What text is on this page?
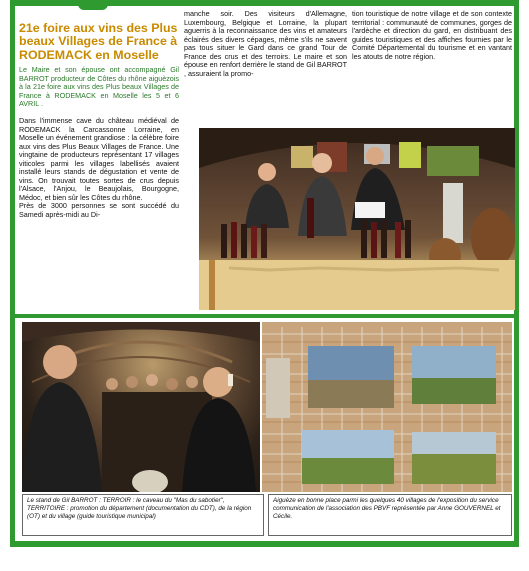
21e foire aux vins des Plus beaux Villages de France à RODEMACK en Moselle

Le Maire et son épouse ont accompagné Gil BARROT producteur de Côtes du rhône aiguèzois à la 21e foire aux vins des Plus beaux Villages de France à RODEMACK en Moselle les 5 et 6 AVRIL .

Dans l'immense cave du château médiéval de RODEMACK la Carcassonne Lorraine, en Moselle un événement grandiose : la célèbre foire aux vins des Plus Beaux Villages de France. Une vingtaine de producteurs représentant 17 villages viticoles parmi les villages labellisés avaient installé leurs stands de dégustation et vente de vins. On trouvait toutes sortes de crus depuis l'Alsace, l'Anjou, le Beaujolais, Bourgogne, Médoc, et bien sûr les Côtes du rhône.

Près de 3000 personnes se sont succédé du Samedi après-midi au Di-

manche soir. Des visiteurs d'Allemagne, Luxembourg, Belgique et Lorraine, la plupart aguerris à la reconnaissance des vins et amateurs éclairés des divers cépages, même s'ils ne savent pas tous situer le Gard dans ce grand Tour de France des crus et des terroirs. Le maire et son épouse en renfort derrière le stand de Gil BARROT , assuraient la promo-

tion touristique de notre village et de son contexte territorial : communauté de communes, gorges de l'ardèche et direction du gard, en distribuant des guides touristiques et des affiches fournies par le Comité Départemental du tourisme et en vantant les atouts de notre région.

Le stand de Gil BARROT : TERROIR : le caveau du "Mas du sabotier", TERRITOIRE : promotion du département (documentation du CDT), de la région (OT) et du village (guide touristique municipal)
Aiguèze en bonne place parmi les quelques 40 villages de l'exposition du service communication de l'association des PBVF représentée par Anne GOUVERNEL et Cécile.
